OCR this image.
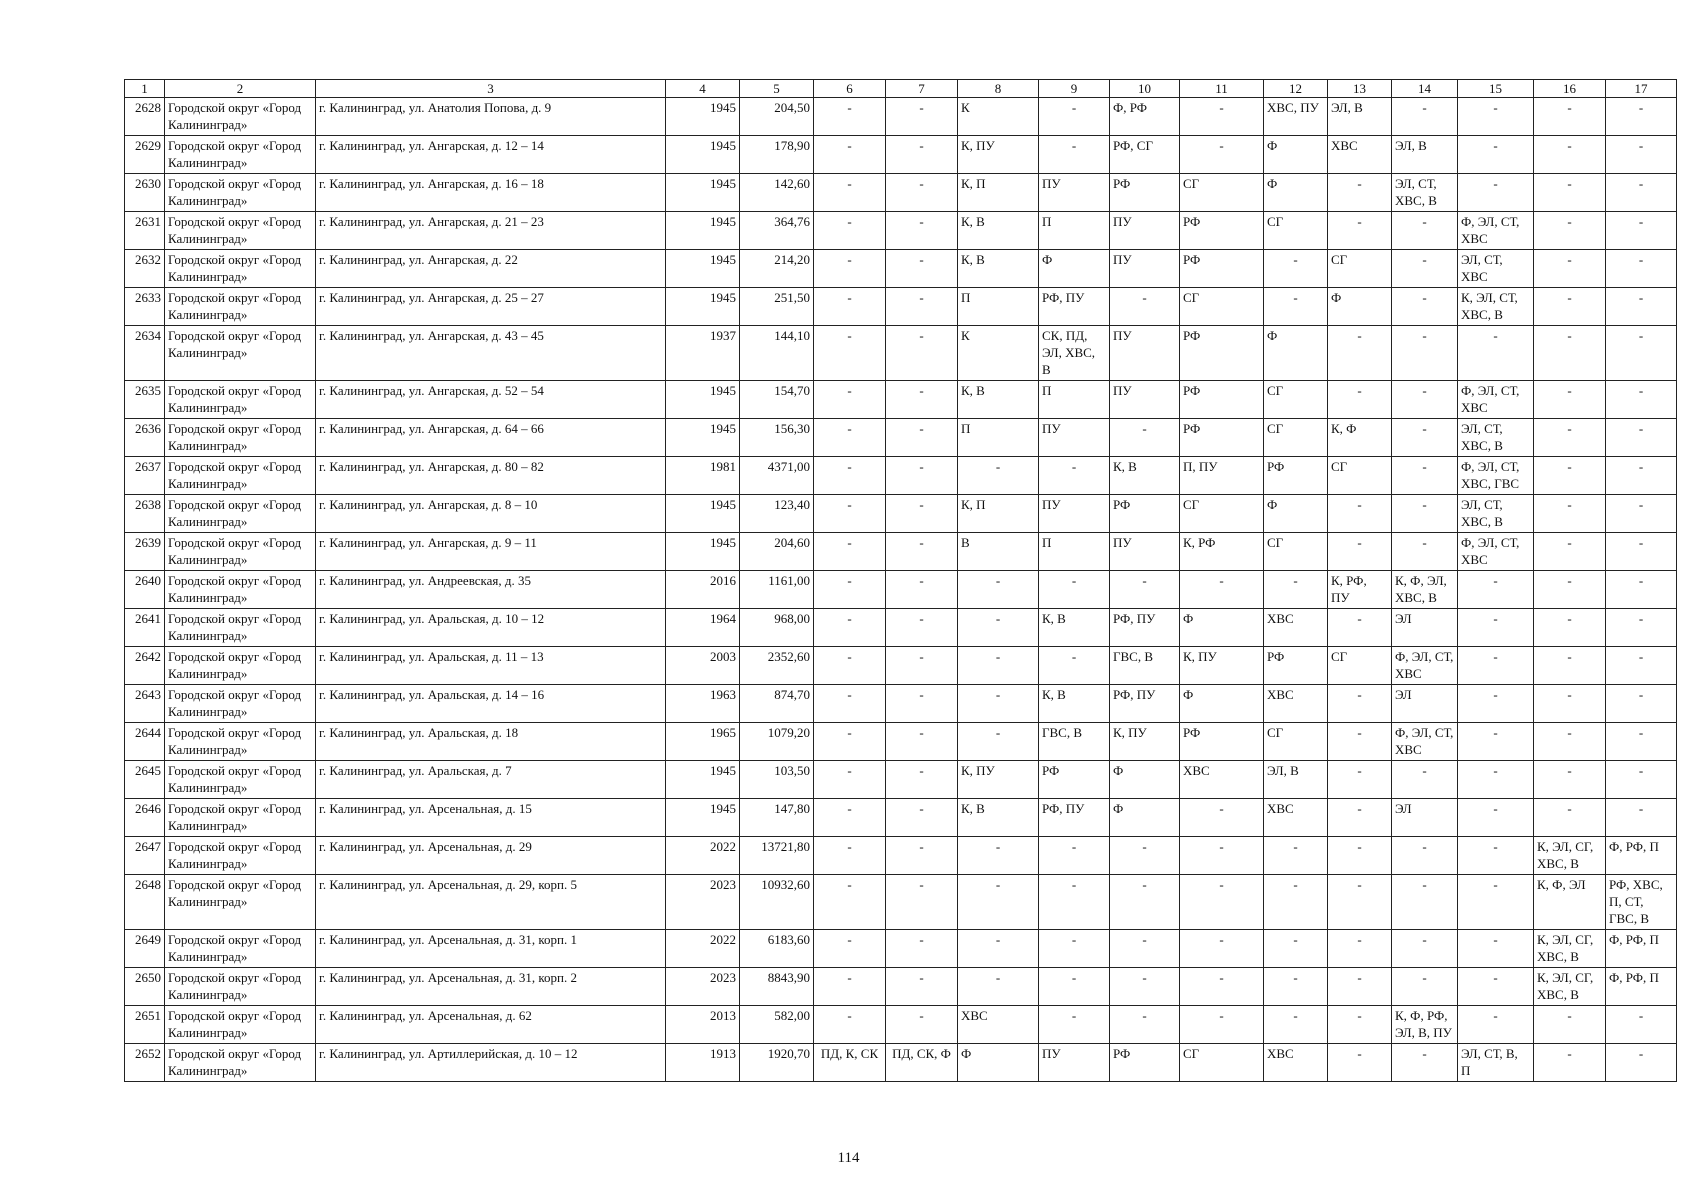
1	2	3	4	5	6	7	8	9	10	11	12	13	14	15	16	17
2628	Городской округ «Город Калининград»	г. Калининград, ул. Анатолия Попова, д. 9	1945	204,50	-	-	К	-	Ф, РФ	-	ХВС, ПУ	ЭЛ, В	-	-	-	-
2629	Городской округ «Город Калининград»	г. Калининград, ул. Ангарская, д. 12 – 14	1945	178,90	-	-	К, ПУ	-	РФ, СГ	-	Ф	ХВС	ЭЛ, В	-	-	-
2630	Городской округ «Город Калининград»	г. Калининград, ул. Ангарская, д. 16 – 18	1945	142,60	-	-	К, П	ПУ	РФ	СГ	Ф	-	ЭЛ, СТ, ХВС, В	-	-	-
2631	Городской округ «Город Калининград»	г. Калининград, ул. Ангарская, д. 21 – 23	1945	364,76	-	-	К, В	П	ПУ	РФ	СГ	-	-	Ф, ЭЛ, СТ, ХВС	-	-
2632	Городской округ «Город Калининград»	г. Калининград, ул. Ангарская, д. 22	1945	214,20	-	-	К, В	Ф	ПУ	РФ	-	СГ	-	ЭЛ, СТ, ХВС	-	-
2633	Городской округ «Город Калининград»	г. Калининград, ул. Ангарская, д. 25 – 27	1945	251,50	-	-	П	РФ, ПУ	-	СГ	-	Ф	-	К, ЭЛ, СТ, ХВС, В	-	-
2634	Городской округ «Город Калининград»	г. Калининград, ул. Ангарская, д. 43 – 45	1937	144,10	-	-	К	СК, ПД, ЭЛ, ХВС, В	ПУ	РФ	Ф	-	-	-	-	-
2635	Городской округ «Город Калининград»	г. Калининград, ул. Ангарская, д. 52 – 54	1945	154,70	-	-	К, В	П	ПУ	РФ	СГ	-	-	Ф, ЭЛ, СТ, ХВС	-	-
2636	Городской округ «Город Калининград»	г. Калининград, ул. Ангарская, д. 64 – 66	1945	156,30	-	-	П	ПУ	-	РФ	СГ	К, Ф	-	ЭЛ, СТ, ХВС, В	-	-
2637	Городской округ «Город Калининград»	г. Калининград, ул. Ангарская, д. 80 – 82	1981	4371,00	-	-	-	-	К, В	П, ПУ	РФ	СГ	-	Ф, ЭЛ, СТ, ХВС, ГВС	-	-
2638	Городской округ «Город Калининград»	г. Калининград, ул. Ангарская, д. 8 – 10	1945	123,40	-	-	К, П	ПУ	РФ	СГ	Ф	-	-	ЭЛ, СТ, ХВС, В	-	-
2639	Городской округ «Город Калининград»	г. Калининград, ул. Ангарская, д. 9 – 11	1945	204,60	-	-	В	П	ПУ	К, РФ	СГ	-	-	Ф, ЭЛ, СТ, ХВС	-	-
2640	Городской округ «Город Калининград»	г. Калининград, ул. Андреевская, д. 35	2016	1161,00	-	-	-	-	-	-	-	К, РФ, ПУ	К, Ф, ЭЛ, ХВС, В	-	-	-
2641	Городской округ «Город Калининград»	г. Калининград, ул. Аральская, д. 10 – 12	1964	968,00	-	-	-	К, В	РФ, ПУ	Ф	ХВС	-	ЭЛ	-	-	-
2642	Городской округ «Город Калининград»	г. Калининград, ул. Аральская, д. 11 – 13	2003	2352,60	-	-	-	-	ГВС, В	К, ПУ	РФ	СГ	Ф, ЭЛ, СТ, ХВС	-	-	-
2643	Городской округ «Город Калининград»	г. Калининград, ул. Аральская, д. 14 – 16	1963	874,70	-	-	-	К, В	РФ, ПУ	Ф	ХВС	-	ЭЛ	-	-	-
2644	Городской округ «Город Калининград»	г. Калининград, ул. Аральская, д. 18	1965	1079,20	-	-	-	ГВС, В	К, ПУ	РФ	СГ	-	Ф, ЭЛ, СТ, ХВС	-	-	-
2645	Городской округ «Город Калининград»	г. Калининград, ул. Аральская, д. 7	1945	103,50	-	-	К, ПУ	РФ	Ф	ХВС	ЭЛ, В	-	-	-	-	-
2646	Городской округ «Город Калининград»	г. Калининград, ул. Арсенальная, д. 15	1945	147,80	-	-	К, В	РФ, ПУ	Ф	-	ХВС	-	ЭЛ	-	-	-
2647	Городской округ «Город Калининград»	г. Калининград, ул. Арсенальная, д. 29	2022	13721,80	-	-	-	-	-	-	-	-	-	-	К, ЭЛ, СГ, ХВС, В	Ф, РФ, П
2648	Городской округ «Город Калининград»	г. Калининград, ул. Арсенальная, д. 29, корп. 5	2023	10932,60	-	-	-	-	-	-	-	-	-	-	К, Ф, ЭЛ	РФ, ХВС, П, СТ, ГВС, В
2649	Городской округ «Город Калининград»	г. Калининград, ул. Арсенальная, д. 31, корп. 1	2022	6183,60	-	-	-	-	-	-	-	-	-	-	К, ЭЛ, СГ, ХВС, В	Ф, РФ, П
2650	Городской округ «Город Калининград»	г. Калининград, ул. Арсенальная, д. 31, корп. 2	2023	8843,90	-	-	-	-	-	-	-	-	-	-	К, ЭЛ, СГ, ХВС, В	Ф, РФ, П
2651	Городской округ «Город Калининград»	г. Калининград, ул. Арсенальная, д. 62	2013	582,00	-	-	ХВС	-	-	-	-	-	К, Ф, РФ, ЭЛ, В, ПУ	-	-	-
2652	Городской округ «Город Калининград»	г. Калининград, ул. Артиллерийская, д. 10 – 12	1913	1920,70	ПД, К, СК	ПД, СК, Ф	Ф	ПУ	РФ	СГ	ХВС	-	-	ЭЛ, СТ, В, П	-	-
114
